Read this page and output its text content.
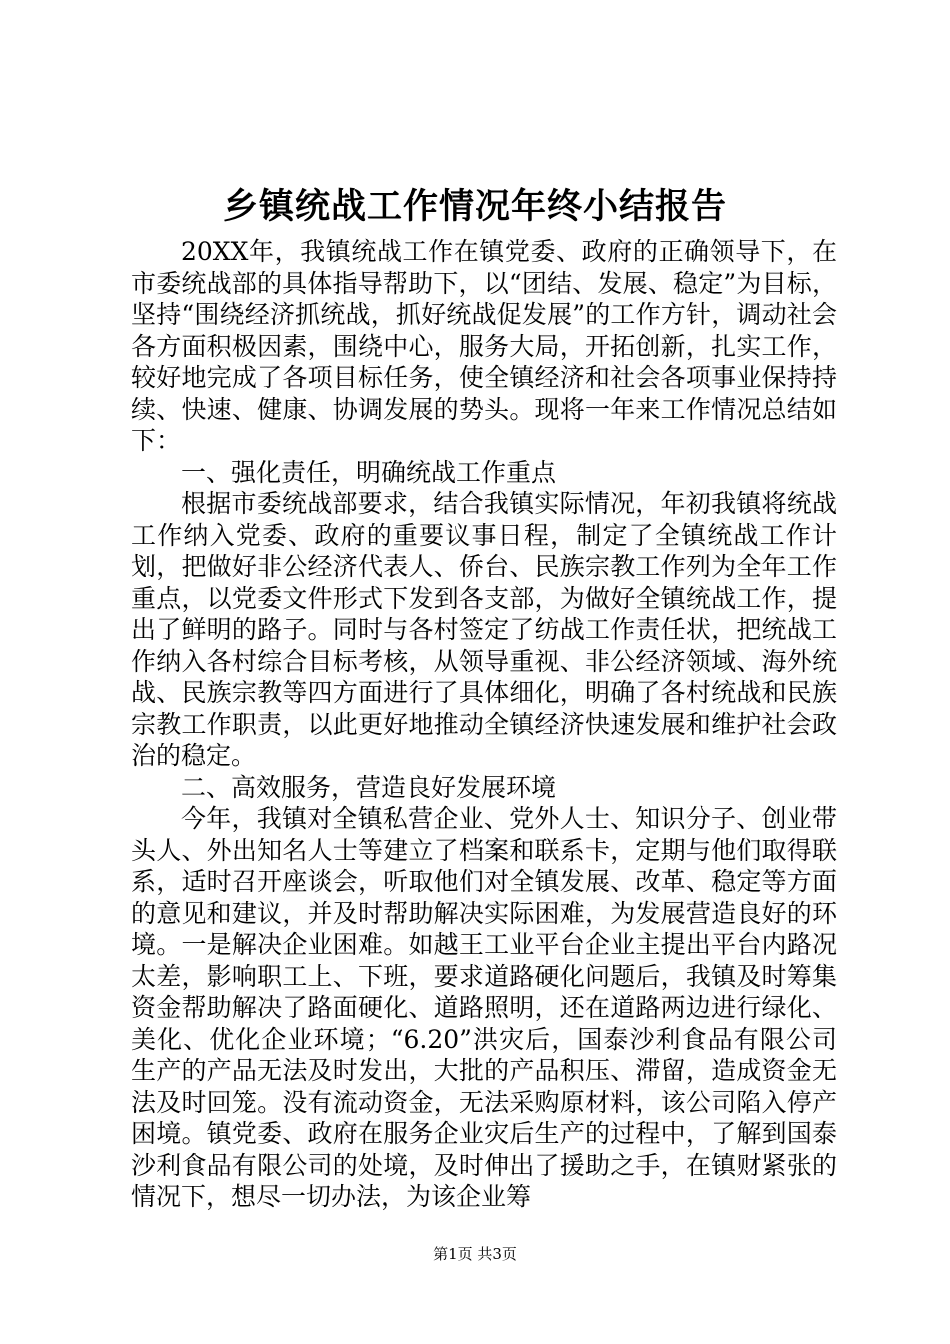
乡镇统战工作情况年终小结报告

20XX年，我镇统战工作在镇党委、政府的正确领导下，在市委统战部的具体指导帮助下，以“团结、发展、稳定”为目标，坚持“围绕经济抓统战，抓好统战促发展”的工作方针，调动社会各方面积极因素，围绕中心，服务大局，开拓创新，扎实工作，较好地完成了各项目标任务，使全镇经济和社会各项事业保持持续、快速、健康、协调发展的势头。现将一年来工作情况总结如下：

一、强化责任，明确统战工作重点

根据市委统战部要求，结合我镇实际情况，年初我镇将统战工作纳入党委、政府的重要议事日程，制定了全镇统战工作计划，把做好非公经济代表人、侨台、民族宗教工作列为全年工作重点，以党委文件形式下发到各支部，为做好全镇统战工作，提出了鲜明的路子。同时与各村签定了纺战工作责任状，把统战工作纳入各村综合目标考核，从领导重视、非公经济领域、海外统战、民族宗教等四方面进行了具体细化，明确了各村统战和民族宗教工作职责，以此更好地推动全镇经济快速发展和维护社会政治的稳定。

二、高效服务，营造良好发展环境

今年，我镇对全镇私营企业、党外人士、知识分子、创业带头人、外出知名人士等建立了档案和联系卡，定期与他们取得联系，适时召开座谈会，听取他们对全镇发展、改革、稳定等方面的意见和建议，并及时帮助解决实际困难，为发展营造良好的环境。一是解决企业困难。如越王工业平台企业主提出平台内路况太差，影响职工上、下班，要求道路硬化问题后，我镇及时筹集资金帮助解决了路面硬化、道路照明，还在道路两边进行绿化、美化、优化企业环境；“6.20”洪灾后，国泰沙利食品有限公司生产的产品无法及时发出，大批的产品积压、滞留，造成资金无法及时回笼。没有流动资金，无法采购原材料，该公司陷入停产困境。镇党委、政府在服务企业灾后生产的过程中，了解到国泰沙利食品有限公司的处境，及时伸出了援助之手，在镇财紧张的情况下，想尽一切办法，为该企业筹

第1页 共3页
